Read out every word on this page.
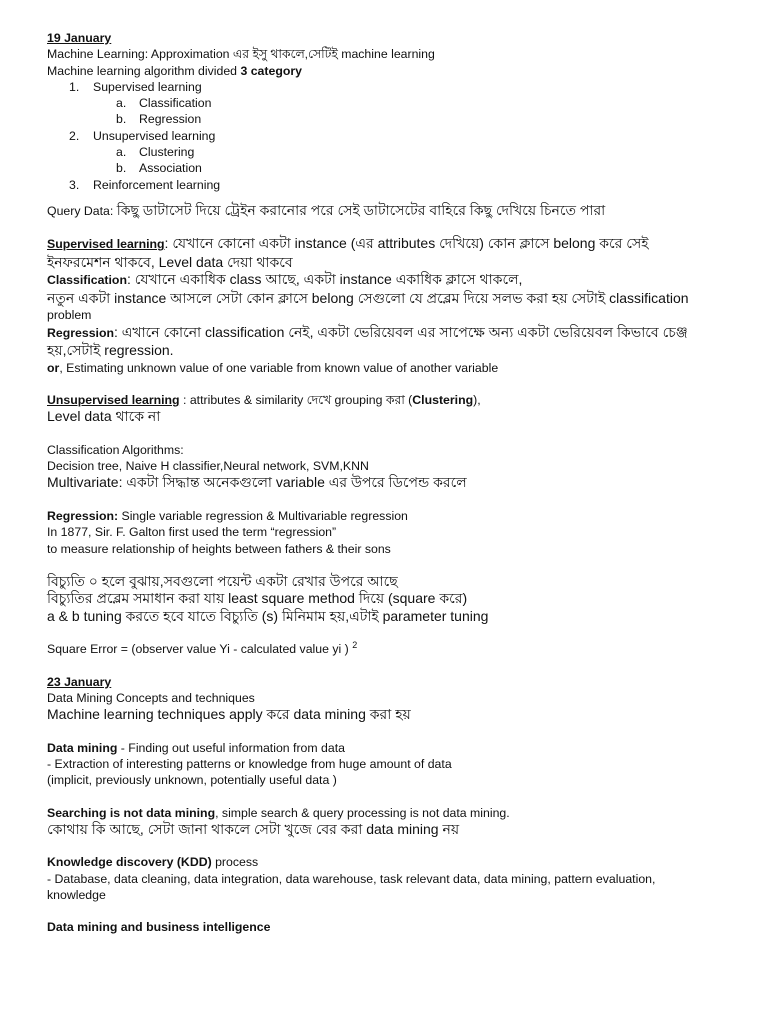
19 January
Machine Learning: Approximation এর ইসু থাকলে,সেটিই machine learning
Machine learning algorithm divided 3 category
1. Supervised learning
a. Classification
b. Regression
2. Unsupervised learning
a. Clustering
b. Association
3. Reinforcement learning
Query Data: কিছু ডাটাসেট দিয়ে ট্রেইন করানোর পরে সেই ডাটাসেটের বাহিরে কিছু দেখিয়ে চিনতে পারা
Supervised learning: যেখানে কোনো একটা instance (এর attributes দেখিয়ে) কোন ক্লাসে belong করে সেই
ইনফরমেশন থাকবে, Level data দেয়া থাকবে
Classification: যেখানে একাধিক class আছে, একটা instance একাধিক ক্লাসে থাকলে,
নতুন একটা instance আসলে সেটা কোন ক্লাসে belong সেগুলো যে প্রব্লেম দিয়ে সলভ করা হয় সেটাই classification
problem
Regression: এখানে কোনো classification নেই, একটা ভেরিয়েবল এর সাপেক্ষে অন্য একটা ভেরিয়েবল কিভাবে চেঞ্জ
হয়,সেটাই regression.
or, Estimating unknown value of one variable from known value of another variable
Unsupervised learning : attributes & similarity দেখে grouping করা (Clustering),
Level data থাকে না
Classification Algorithms:
Decision tree, Naive H classifier,Neural network, SVM,KNN
Multivariate: একটা সিদ্ধান্ত অনেকগুলো variable এর উপরে ডিপেন্ড করলে
Regression: Single variable regression & Multivariable regression
In 1877, Sir. F. Galton first used the term “regression”
to measure relationship of heights between fathers & their sons
বিচ্যুতি ০ হলে বুঝায়,সবগুলো পয়েন্ট একটা রেখার উপরে আছে
বিচ্যুতির প্রব্লেম সমাধান করা যায় least square method দিয়ে (square করে)
a & b tuning করতে হবে যাতে বিচ্যুতি (s) মিনিমাম হয়,এটাই parameter tuning
Square Error = (observer value Yi - calculated value yi ) $^2$
23 January
Data Mining Concepts and techniques
Machine learning techniques apply করে data mining করা হয়
Data mining - Finding out useful information from data
- Extraction of interesting patterns or knowledge from huge amount of data
(implicit, previously unknown, potentially useful data )
Searching is not data mining, simple search & query processing is not data mining.
কোথায় কি আছে, সেটা জানা থাকলে সেটা খুজে বের করা data mining নয়
Knowledge discovery (KDD) process
- Database, data cleaning, data integration, data warehouse, task relevant data, data mining, pattern evaluation,
knowledge
Data mining and business intelligence
